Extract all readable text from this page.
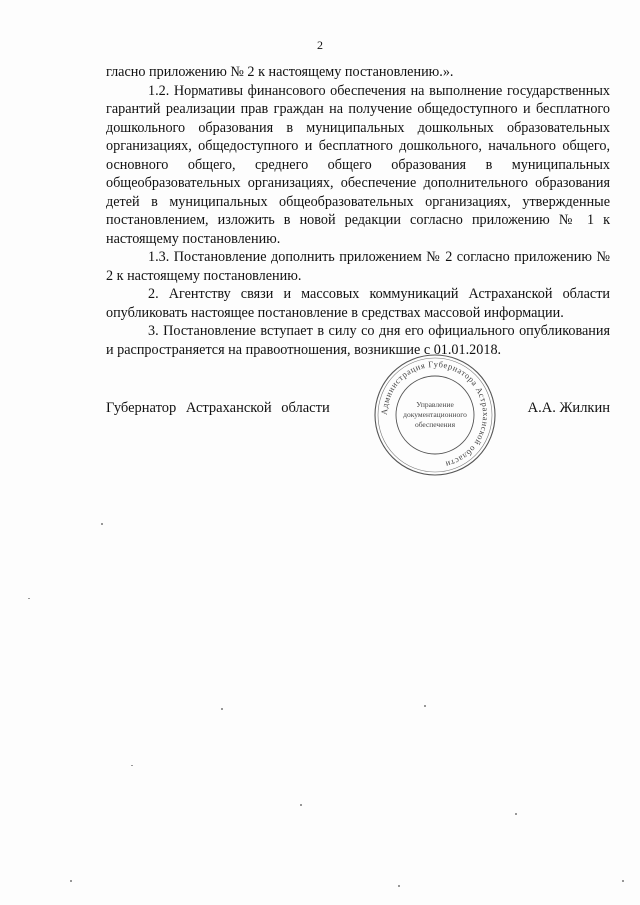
2

гласно приложению № 2 к настоящему постановлению.».

1.2. Нормативы финансового обеспечения на выполнение государственных гарантий реализации прав граждан на получение общедоступного и бесплатного дошкольного образования в муниципальных дошкольных образовательных организациях, общедоступного и бесплатного дошкольного, начального общего, основного общего, среднего общего образования в муниципальных общеобразовательных организациях, обеспечение дополнительного образования детей в муниципальных общеобразовательных организациях, утвержденные постановлением, изложить в новой редакции согласно приложению № 1 к настоящему постановлению.

1.3. Постановление дополнить приложением № 2 согласно приложению № 2 к настоящему постановлению.

2. Агентству связи и массовых коммуникаций Астраханской области опубликовать настоящее постановление в средствах массовой информации.

3. Постановление вступает в силу со дня его официального опубликования и распространяется на правоотношения, возникшие с 01.01.2018.

Администрация Губернатора Астраханской области
Управление
документационного
обеспечения
Губернатор Астраханской области	А.А. Жилкин
